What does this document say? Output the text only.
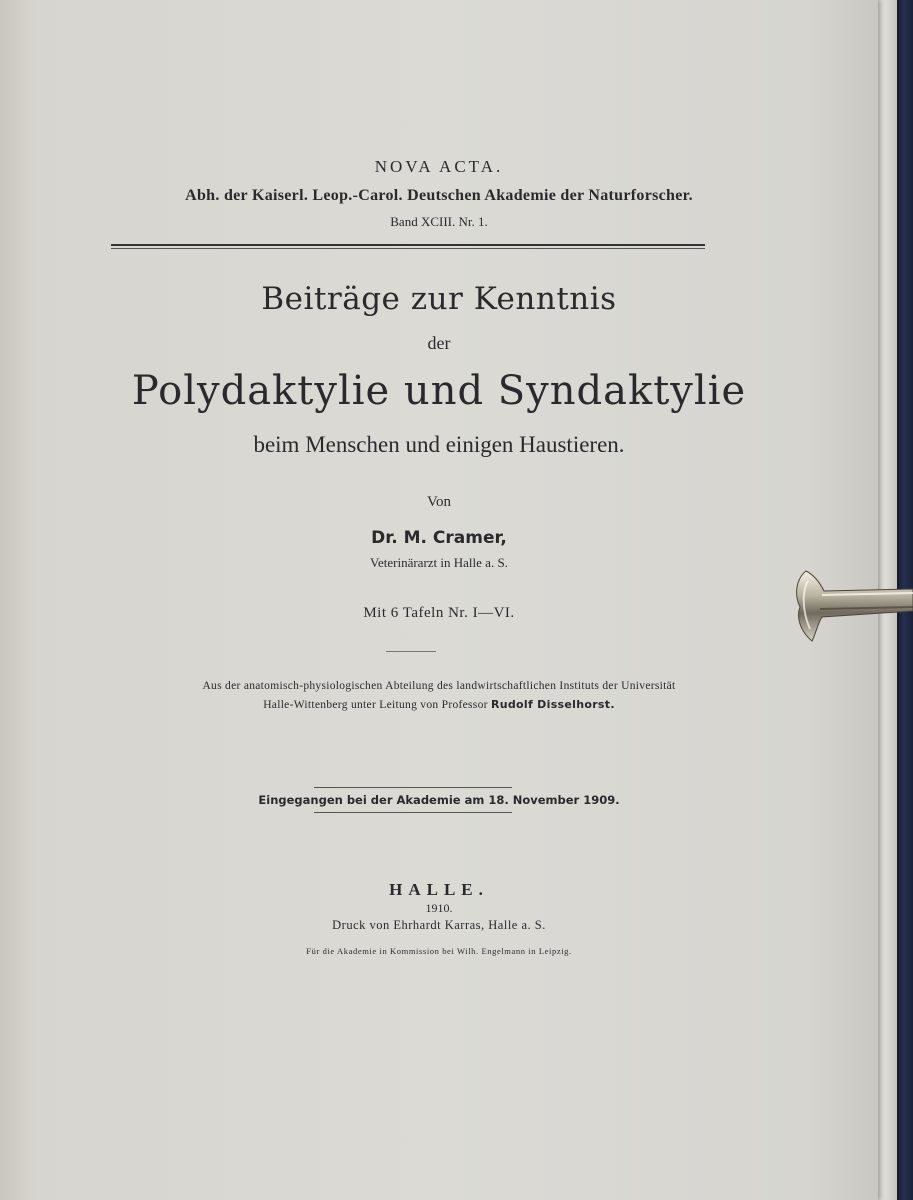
NOVA ACTA.
Abh. der Kaiserl. Leop.-Carol. Deutschen Akademie der Naturforscher.
Band XCIII. Nr. 1.
Beiträge zur Kenntnis
der
Polydaktylie und Syndaktylie
beim Menschen und einigen Haustieren.
Von
Dr. M. Cramer,
Veterinärarzt in Halle a. S.
Mit 6 Tafeln Nr. I—VI.
Aus der anatomisch-physiologischen Abteilung des landwirtschaftlichen Instituts der Universität
Halle-Wittenberg unter Leitung von Professor Rudolf Disselhorst.
Eingegangen bei der Akademie am 18. November 1909.
HALLE.
1910.
Druck von Ehrhardt Karras, Halle a. S.
Für die Akademie in Kommission bei Wilh. Engelmann in Leipzig.
